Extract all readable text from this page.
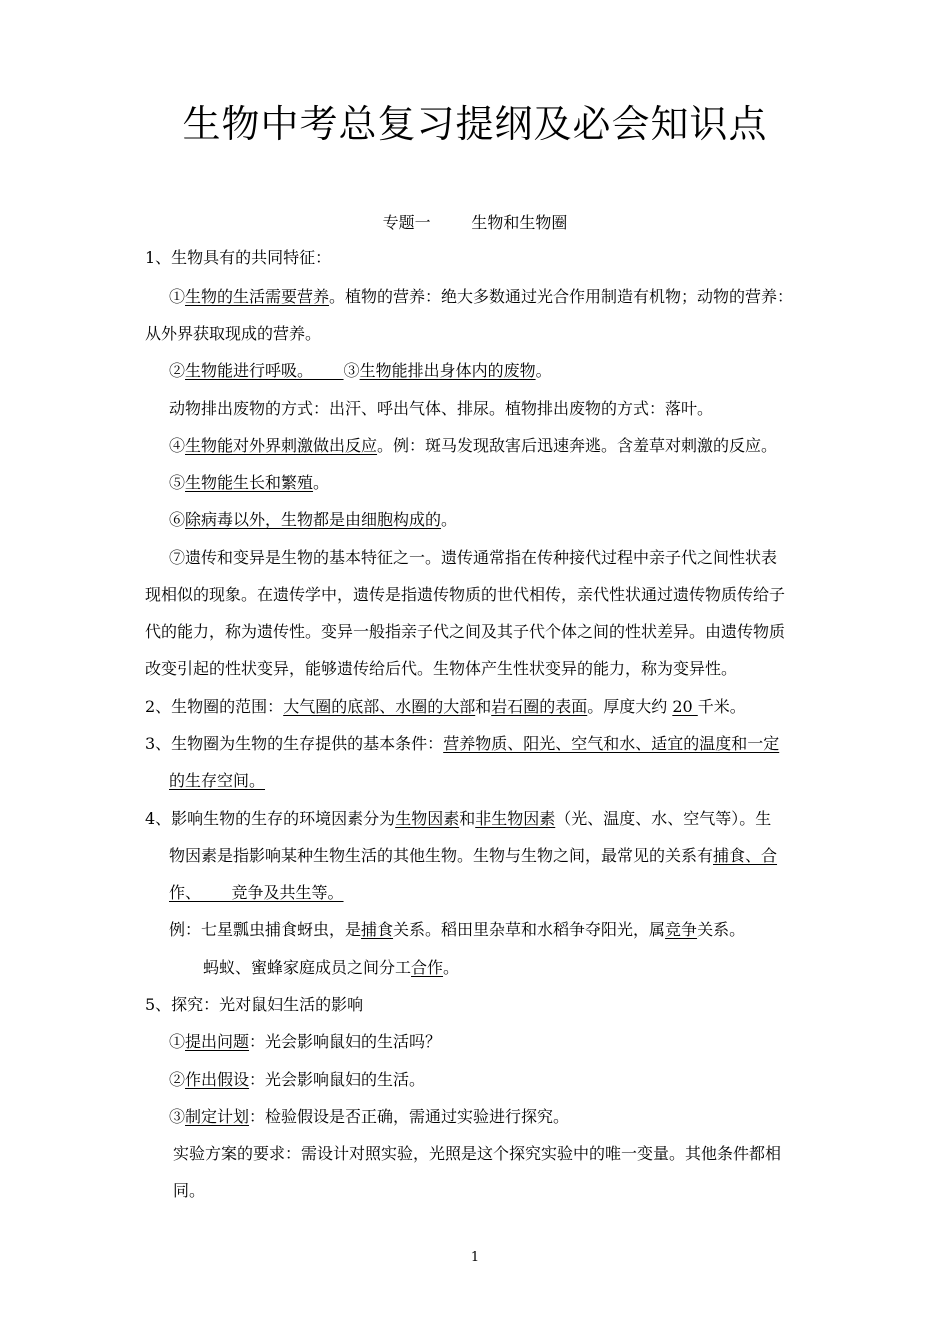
生物中考总复习提纲及必会知识点
专题一        生物和生物圈
1、生物具有的共同特征：
①生物的生活需要营养。植物的营养：绝大多数通过光合作用制造有机物；动物的营养：
从外界获取现成的营养。
②生物能进行呼吸。      ③生物能排出身体内的废物。
动物排出废物的方式：出汗、呼出气体、排尿。植物排出废物的方式：落叶。
④生物能对外界刺激做出反应。例：斑马发现敌害后迅速奔逃。含羞草对刺激的反应。
⑤生物能生长和繁殖。
⑥除病毒以外，生物都是由细胞构成的。
⑦遗传和变异是生物的基本特征之一。遗传通常指在传种接代过程中亲子代之间性状表
现相似的现象。在遗传学中，遗传是指遗传物质的世代相传，亲代性状通过遗传物质传给子
代的能力，称为遗传性。变异一般指亲子代之间及其子代个体之间的性状差异。由遗传物质
改变引起的性状变异，能够遗传给后代。生物体产生性状变异的能力，称为变异性。
2、生物圈的范围：大气圈的底部、水圈的大部和岩石圈的表面。厚度大约 20 千米。
3、生物圈为生物的生存提供的基本条件：营养物质、阳光、空气和水、适宜的温度和一定
的生存空间。
4、影响生物的生存的环境因素分为生物因素和非生物因素（光、温度、水、空气等）。生
物因素是指影响某种生物生活的其他生物。生物与生物之间，最常见的关系有捕食、合
作、      竞争及共生等。
例：七星瓢虫捕食蚜虫，是捕食关系。稻田里杂草和水稻争夺阳光，属竞争关系。
蚂蚁、蜜蜂家庭成员之间分工合作。
5、探究：光对鼠妇生活的影响
①提出问题：光会影响鼠妇的生活吗？
②作出假设：光会影响鼠妇的生活。
③制定计划：检验假设是否正确，需通过实验进行探究。
实验方案的要求：需设计对照实验，光照是这个探究实验中的唯一变量。其他条件都相
同。
1
